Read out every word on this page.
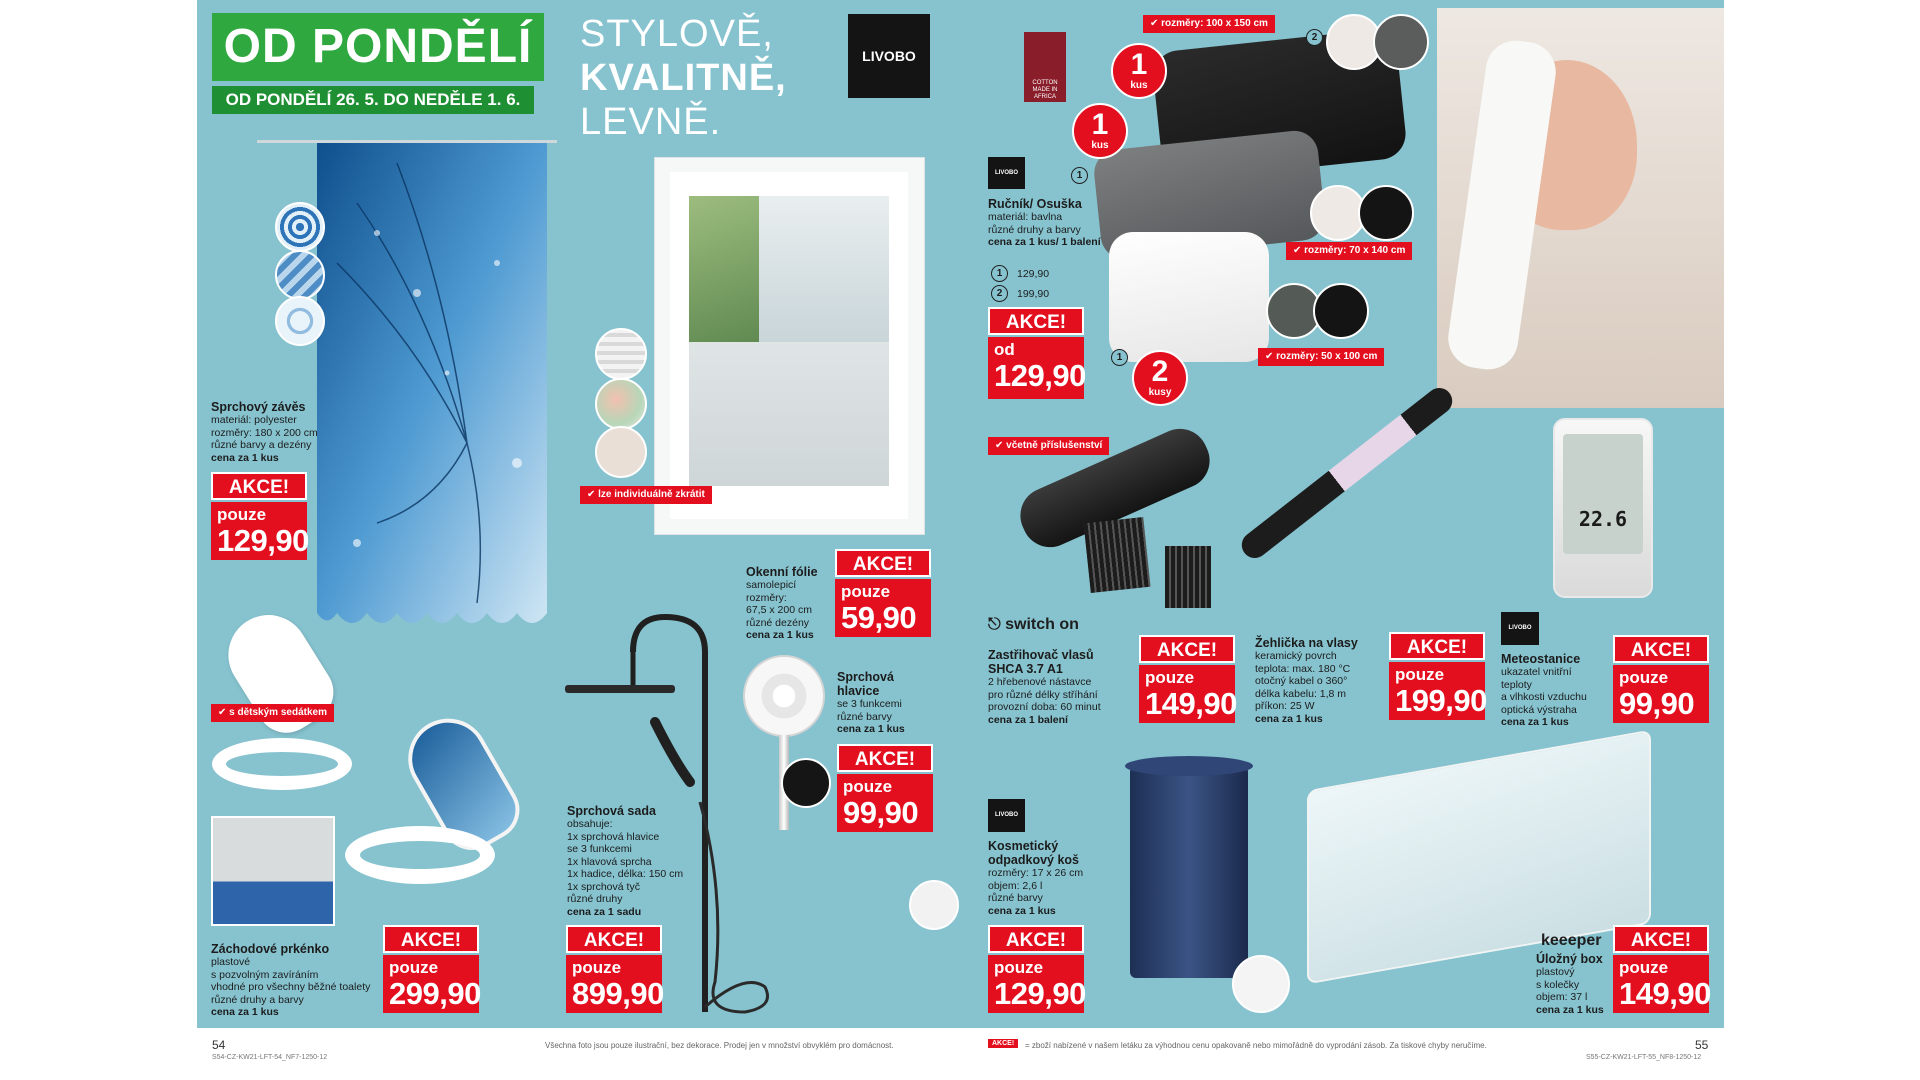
OD PONDĚLÍ
OD PONDĚLÍ 26. 5. DO NEDĚLE 1. 6.
STYLOVĚ,
KVALITNĚ,
LEVNĚ.
LIVOBO
Sprchový závěs
materiál: polyester
rozměry: 180 x 200 cm
různé barvy a dezény
cena za 1 kus
AKCE!
pouze
129,90
✔ lze individuálně zkrátit
Okenní fólie
samolepicí
rozměry:
67,5 x 200 cm
různé dezény
cena za 1 kus
AKCE!
pouze
59,90
Sprchová hlavice
se 3 funkcemi
různé barvy
cena za 1 kus
AKCE!
pouze
99,90
Sprchová sada
obsahuje:
1x sprchová hlavice
se 3 funkcemi
1x hlavová sprcha
1x hadice, délka: 150 cm
1x sprchová tyč
různé druhy
cena za 1 sadu
AKCE!
pouze
899,90
✔ s dětským sedátkem
Záchodové prkénko
plastové
s pozvolným zavíráním
vhodné pro všechny běžné toalety
různé druhy a barvy
cena za 1 kus
AKCE!
pouze
299,90
COTTON MADE IN AFRICA
✔ rozměry: 100 x 150 cm
1
kus
1
kus
2
kusy
2
1
1
✔ rozměry: 70 x 140 cm
✔ rozměry: 50 x 100 cm
LIVOBO
Ručník/ Osuška
materiál: bavlna
různé druhy a barvy
cena za 1 kus/ 1 balení
1	129,90
2	199,90
AKCE!
od
129,90
✔ včetně příslušenství
⎋ switch on
Zastřihovač vlasů SHCA 3.7 A1
2 hřebenové nástavce
pro různé délky stříhání
provozní doba: 60 minut
cena za 1 balení
AKCE!
pouze
149,90
Žehlička na vlasy
keramický povrch
teplota: max. 180 °C
otočný kabel o 360°
délka kabelu: 1,8 m
příkon: 25 W
cena za 1 kus
AKCE!
pouze
199,90
22.6
LIVOBO
Meteostanice
ukazatel vnitřní
teploty
a vlhkosti vzduchu
optická výstraha
cena za 1 kus
AKCE!
pouze
99,90
LIVOBO
Kosmetický odpadkový koš
rozměry: 17 x 26 cm
objem: 2,6 l
různé barvy
cena za 1 kus
AKCE!
pouze
129,90
keeeper
Úložný box
plastový
s kolečky
objem: 37 l
cena za 1 kus
AKCE!
pouze
149,90
54
S54-CZ-KW21-LFT-54_NF7-1250-12
Všechna foto jsou pouze ilustrační, bez dekorace. Prodej jen v množství obvyklém pro domácnost.	AKCE!	= zboží nabízené v našem letáku za výhodnou cenu opakovaně nebo mimořádně do vyprodání zásob. Za tiskové chyby neručíme.	55
S55-CZ-KW21-LFT-55_NF8-1250-12
